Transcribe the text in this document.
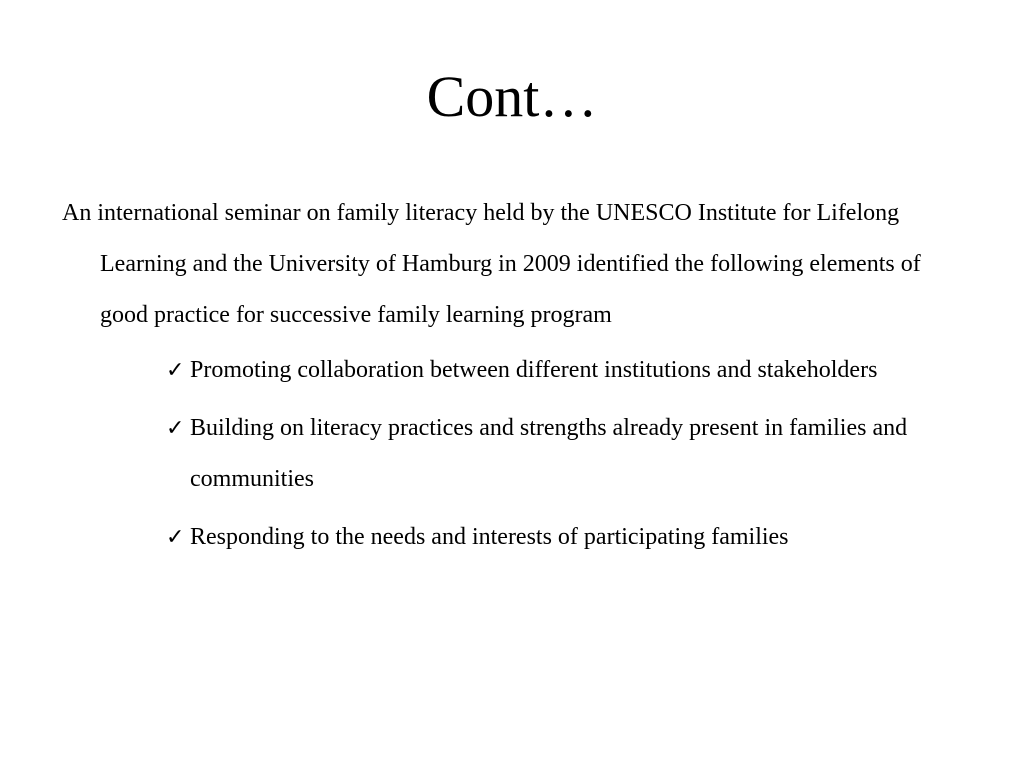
Cont…

An international seminar on family literacy held by the UNESCO Institute for Lifelong Learning and the University of Hamburg in 2009 identified the following elements of good practice for successive family learning program

✓ Promoting collaboration between different institutions and stakeholders
✓ Building on literacy practices and strengths already present in families and communities
✓ Responding to the needs and interests of participating families
